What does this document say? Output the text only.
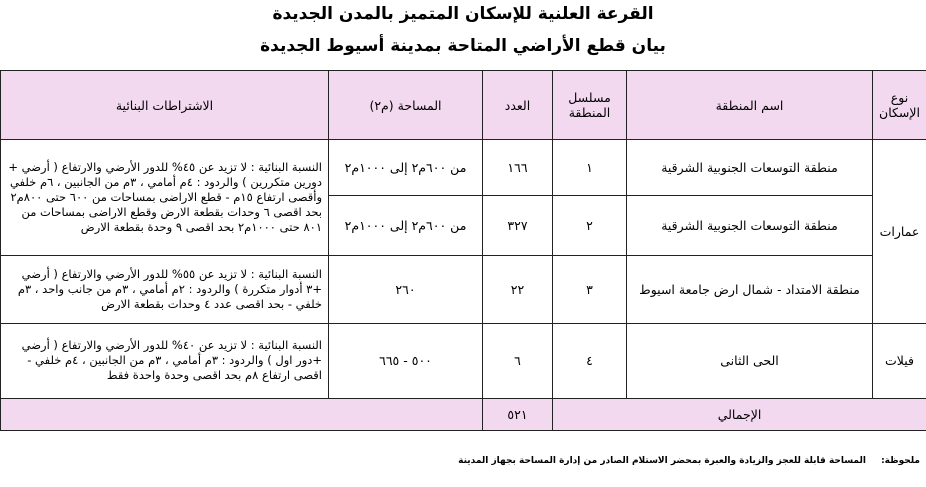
القرعة العلنية للإسكان المتميز بالمدن الجديدة
بيان قطع الأراضي المتاحة بمدينة أسيوط الجديدة
نوع الإسكان	اسم المنطقة	مسلسل المنطقة	العدد	المساحة (م٢)	الاشتراطات البنائية
عمارات	منطقة التوسعات الجنوبية الشرقية	١	١٦٦	من ٦٠٠م٢ إلى ١٠٠٠م٢	النسبة البنائية : لا تزيد عن ٤٥% للدور الأرضي والارتفاع ( أرضي + دورين متكررين ) والردود : ٤م أمامي ، ٣م من الجانبين ، ٦م خلفي وأقصى ارتفاع ١٥م - قطع الاراضى بمساحات من ٦٠٠ حتى ٨٠٠م٢ بحد اقصى ٦ وحدات بقطعة الارض وقطع الاراضى بمساحات من ٨٠١ حتى ١٠٠٠م٢ بحد اقصى ٩ وحدة بقطعة الارض
	منطقة التوسعات الجنوبية الشرقية	٢	٣٢٧	من ٦٠٠م٢ إلى ١٠٠٠م٢	
	منطقة الامتداد - شمال ارض جامعة اسيوط	٣	٢٢	٢٦٠	النسبة البنائية : لا تزيد عن ٥٥% للدور الأرضي والارتفاع ( أرضي +٣ أدوار متكررة ) والردود : ٢م أمامي ، ٣م من جانب واحد ، ٣م خلفي - بحد اقصى عدد ٤ وحدات بقطعة الارض
فيلات	الحى الثانى	٤	٦	٥٠٠ - ٦٦٥	النسبة البنائية : لا تزيد عن ٤٠% للدور الأرضي والارتفاع ( أرضي +دور اول ) والردود : ٣م أمامي ، ٣م من الجانبين ، ٤م خلفي - اقصى ارتفاع ٨م بحد اقصى وحدة واحدة فقط
الإجمالي			٥٢١		
ملحوظة: المساحة قابلة للعجز والزيادة والعبرة بمحضر الاستلام الصادر من إدارة المساحة بجهاز المدينة
